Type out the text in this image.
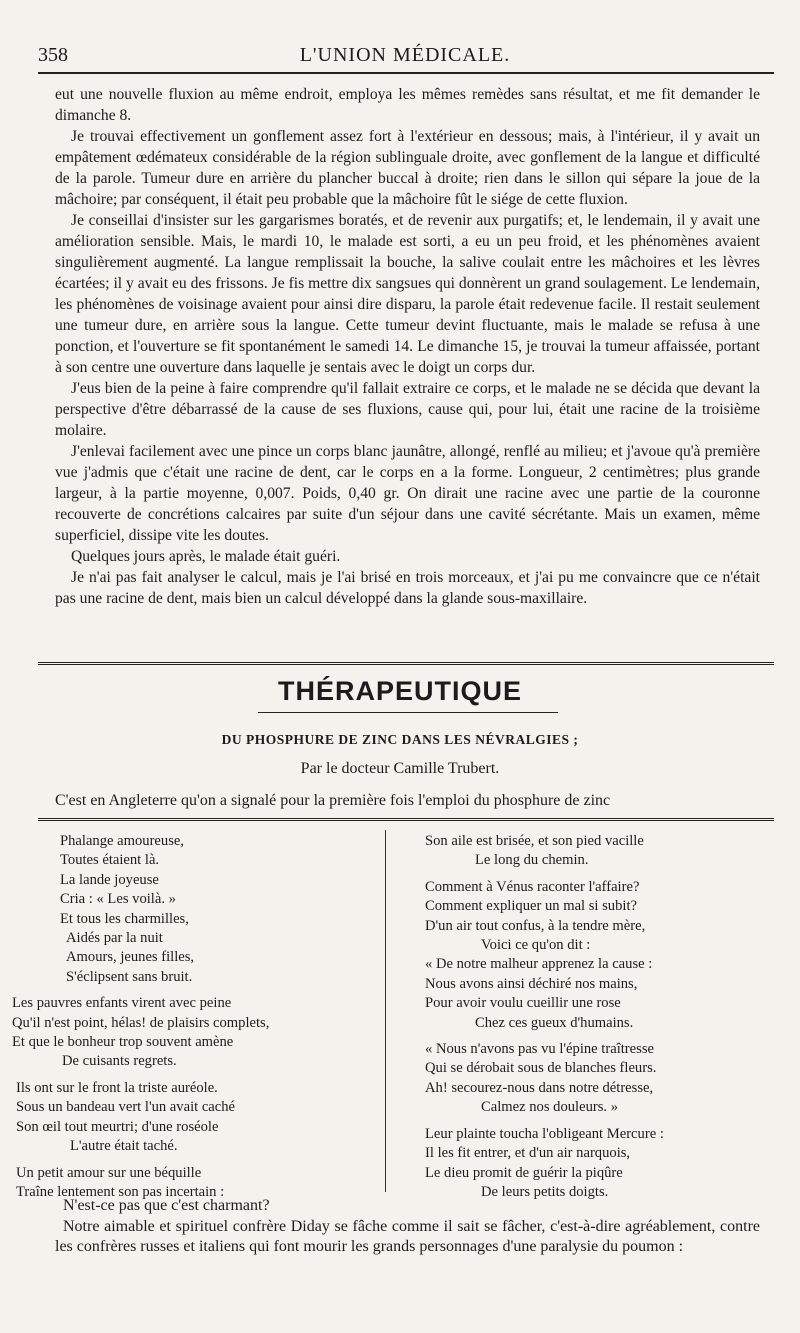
358	L'UNION MÉDICALE.

eut une nouvelle fluxion au même endroit, employa les mêmes remèdes sans résultat, et me fit demander le dimanche 8.

Je trouvai effectivement un gonflement assez fort à l'extérieur en dessous; mais, à l'intérieur, il y avait un empâtement œdémateux considérable de la région sublinguale droite, avec gonflement de la langue et difficulté de la parole. Tumeur dure en arrière du plancher buccal à droite; rien dans le sillon qui sépare la joue de la mâchoire; par conséquent, il était peu probable que la mâchoire fût le siége de cette fluxion.

Je conseillai d'insister sur les gargarismes boratés, et de revenir aux purgatifs; et, le lendemain, il y avait une amélioration sensible. Mais, le mardi 10, le malade est sorti, a eu un peu froid, et les phénomènes avaient singulièrement augmenté. La langue remplissait la bouche, la salive coulait entre les mâchoires et les lèvres écartées; il y avait eu des frissons. Je fis mettre dix sangsues qui donnèrent un grand soulagement. Le lendemain, les phénomènes de voisinage avaient pour ainsi dire disparu, la parole était redevenue facile. Il restait seulement une tumeur dure, en arrière sous la langue. Cette tumeur devint fluctuante, mais le malade se refusa à une ponction, et l'ouverture se fit spontanément le samedi 14. Le dimanche 15, je trouvai la tumeur affaissée, portant à son centre une ouverture dans laquelle je sentais avec le doigt un corps dur.

J'eus bien de la peine à faire comprendre qu'il fallait extraire ce corps, et le malade ne se décida que devant la perspective d'être débarrassé de la cause de ses fluxions, cause qui, pour lui, était une racine de la troisième molaire.

J'enlevai facilement avec une pince un corps blanc jaunâtre, allongé, renflé au milieu; et j'avoue qu'à première vue j'admis que c'était une racine de dent, car le corps en a la forme. Longueur, 2 centimètres; plus grande largeur, à la partie moyenne, 0,007. Poids, 0,40 gr. On dirait une racine avec une partie de la couronne recouverte de concrétions calcaires par suite d'un séjour dans une cavité sécrétante. Mais un examen, même superficiel, dissipe vite les doutes.

Quelques jours après, le malade était guéri.

Je n'ai pas fait analyser le calcul, mais je l'ai brisé en trois morceaux, et j'ai pu me convaincre que ce n'était pas une racine de dent, mais bien un calcul développé dans la glande sous-maxillaire.

THÉRAPEUTIQUE
DU PHOSPHURE DE ZINC DANS LES NÉVRALGIES ;
Par le docteur Camille Trubert.
C'est en Angleterre qu'on a signalé pour la première fois l'emploi du phosphure de zinc
Phalange amoureuse,
Toutes étaient là.
La lande joyeuse
Cria : « Les voilà. »
Et tous les charmilles,
Aidés par la nuit
Amours, jeunes filles,
S'éclipsent sans bruit.
Les pauvres enfants virent avec peine
Qu'il n'est point, hélas! de plaisirs complets,
Et que le bonheur trop souvent amène
De cuisants regrets.
Ils ont sur le front la triste auréole.
Sous un bandeau vert l'un avait caché
Son œil tout meurtri; d'une roséole
L'autre était taché.
Un petit amour sur une béquille
Traîne lentement son pas incertain :
Son aile est brisée, et son pied vacille
Le long du chemin.
Comment à Vénus raconter l'affaire?
Comment expliquer un mal si subit?
D'un air tout confus, à la tendre mère,
Voici ce qu'on dit :
« De notre malheur apprenez la cause :
Nous avons ainsi déchiré nos mains,
Pour avoir voulu cueillir une rose
Chez ces gueux d'humains.
« Nous n'avons pas vu l'épine traîtresse
Qui se dérobait sous de blanches fleurs.
Ah! secourez-nous dans notre détresse,
Calmez nos douleurs. »
Leur plainte toucha l'obligeant Mercure :
Il les fit entrer, et d'un air narquois,
Le dieu promit de guérir la piqûre
De leurs petits doigts.

N'est-ce pas que c'est charmant?

Notre aimable et spirituel confrère Diday se fâche comme il sait se fâcher, c'est-à-dire agréablement, contre les confrères russes et italiens qui font mourir les grands personnages d'une paralysie du poumon :
